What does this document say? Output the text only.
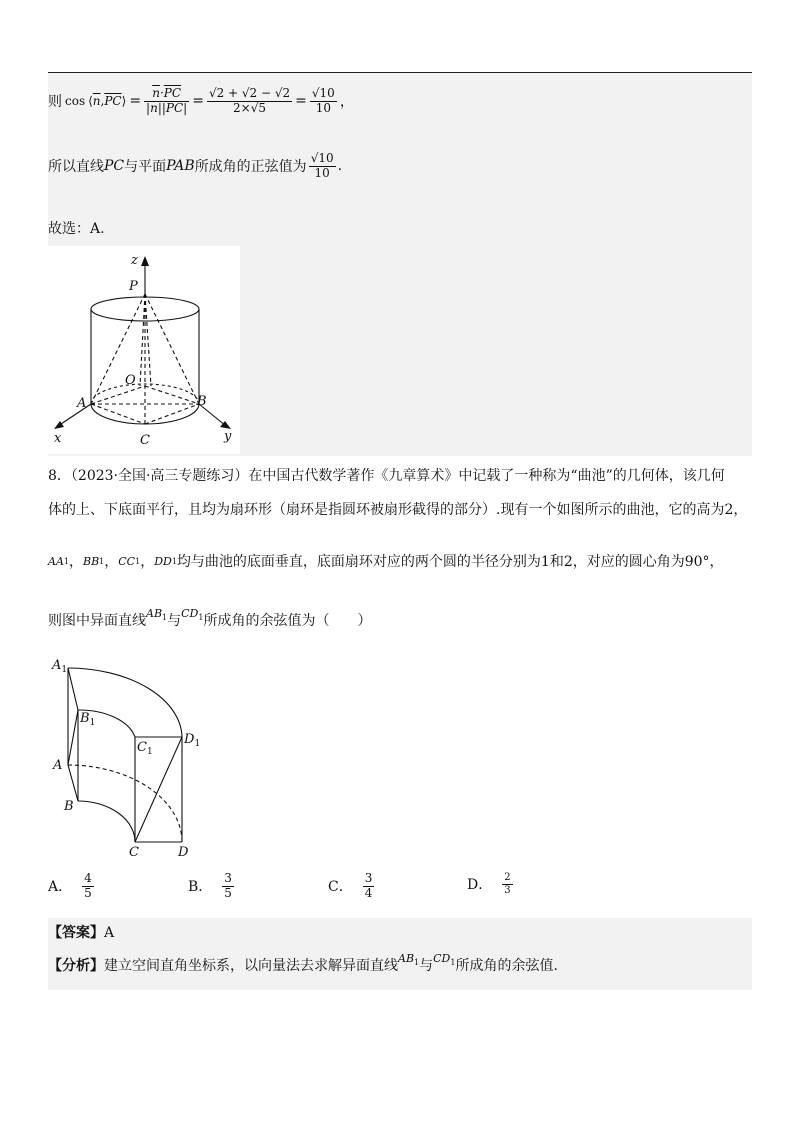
则 $\cos ⟨\overline{n},\overline{PC}⟩ = \frac{\overline{n}\cdot\overline{PC}}{|n||PC|} = \frac{√2 + √2 - √2}{2\times√5} = \frac{√10}{10}$ ，
所以直线 PC 与平面 PAB 所成角的正弦值为 $\frac{√10}{10}$ .
故选：A.
z
P
O
A	B
C
x	y
8．（2023·全国·高三专题练习）在中国古代数学著作《九章算术》中记载了一种称为“曲池”的几何体，该几何
体的上、下底面平行，且均为扇环形（扇环是指圆环被扇形截得的部分）.现有一个如图所示的曲池，它的高为2，
AA 1 ， BB 1 ， CC 1 ， DD 1 均与曲池的底面垂直，底面扇环对应的两个圆的半径分别为1和2，对应的圆心角为90°，
则图中异面直线 $AB_1$ 与 $CD_1$ 所成角的余弦值为（　　）
$A_1$
$B_1$
$C_1$
$D_1$
A
B
C	D
A． $\frac{4}{5}$	B． $\frac{3}{5}$	C． $\frac{3}{4}$	D． $\frac{2}{3}$
【答案】A
【分析】 建立空间直角坐标系，以向量法去求解异面直线 $AB_1$ 与 $CD_1$ 所成角的余弦值.
